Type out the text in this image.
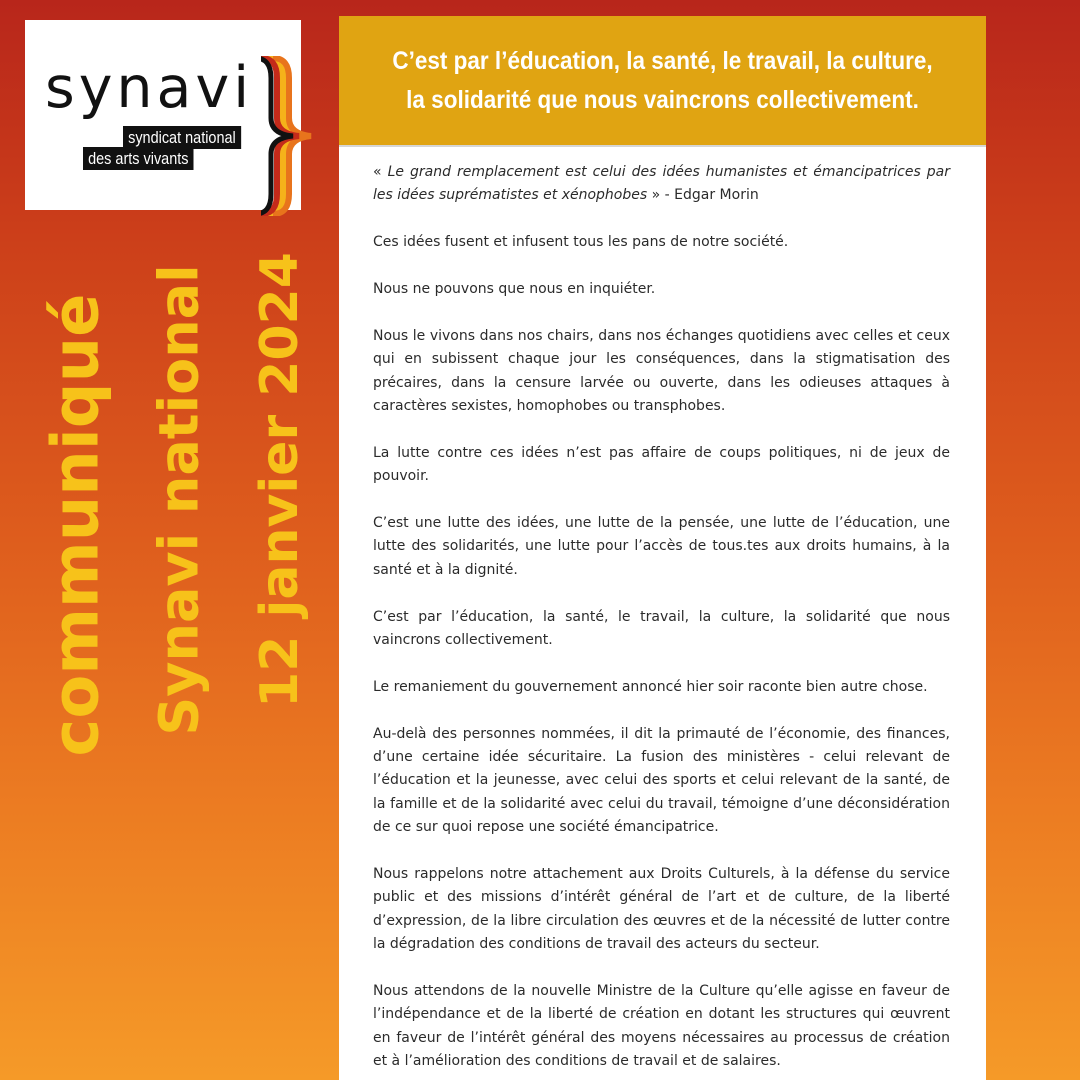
synavi
syndicat national
des arts vivants
communiqué Synavi national 12 janvier 2024
C’est par l’éducation, la santé, le travail, la culture, la solidarité que nous vaincrons collectivement.

« Le grand remplacement est celui des idées humanistes et émancipatrices par les idées suprématistes et xénophobes » - Edgar Morin

Ces idées fusent et infusent tous les pans de notre société.

Nous ne pouvons que nous en inquiéter.

Nous le vivons dans nos chairs, dans nos échanges quotidiens avec celles et ceux qui en subissent chaque jour les conséquences, dans la stigmatisation des précaires, dans la censure larvée ou ouverte, dans les odieuses attaques à caractères sexistes, homophobes ou transphobes.

La lutte contre ces idées n’est pas affaire de coups politiques, ni de jeux de pouvoir.

C’est une lutte des idées, une lutte de la pensée, une lutte de l’éducation, une lutte des solidarités, une lutte pour l’accès de tous.tes aux droits humains, à la santé et à la dignité.

C’est par l’éducation, la santé, le travail, la culture, la solidarité que nous vaincrons collectivement.

Le remaniement du gouvernement annoncé hier soir raconte bien autre chose.

Au-delà des personnes nommées, il dit la primauté de l’économie, des finances, d’une certaine idée sécuritaire. La fusion des ministères - celui relevant de l’éducation et la jeunesse, avec celui des sports et celui relevant de la santé, de la famille et de la solidarité avec celui du travail, témoigne d’une déconsidération de ce sur quoi repose une société émancipatrice.

Nous rappelons notre attachement aux Droits Culturels, à la défense du service public et des missions d’intérêt général de l’art et de culture, de la liberté d’expression, de la libre circulation des œuvres et de la nécessité de lutter contre la dégradation des conditions de travail des acteurs du secteur.

Nous attendons de la nouvelle Ministre de la Culture qu’elle agisse en faveur de l’indépendance et de la liberté de création en dotant les structures qui œuvrent en faveur de l’intérêt général des moyens nécessaires au processus de création et à l’amélioration des conditions de travail et de salaires.
